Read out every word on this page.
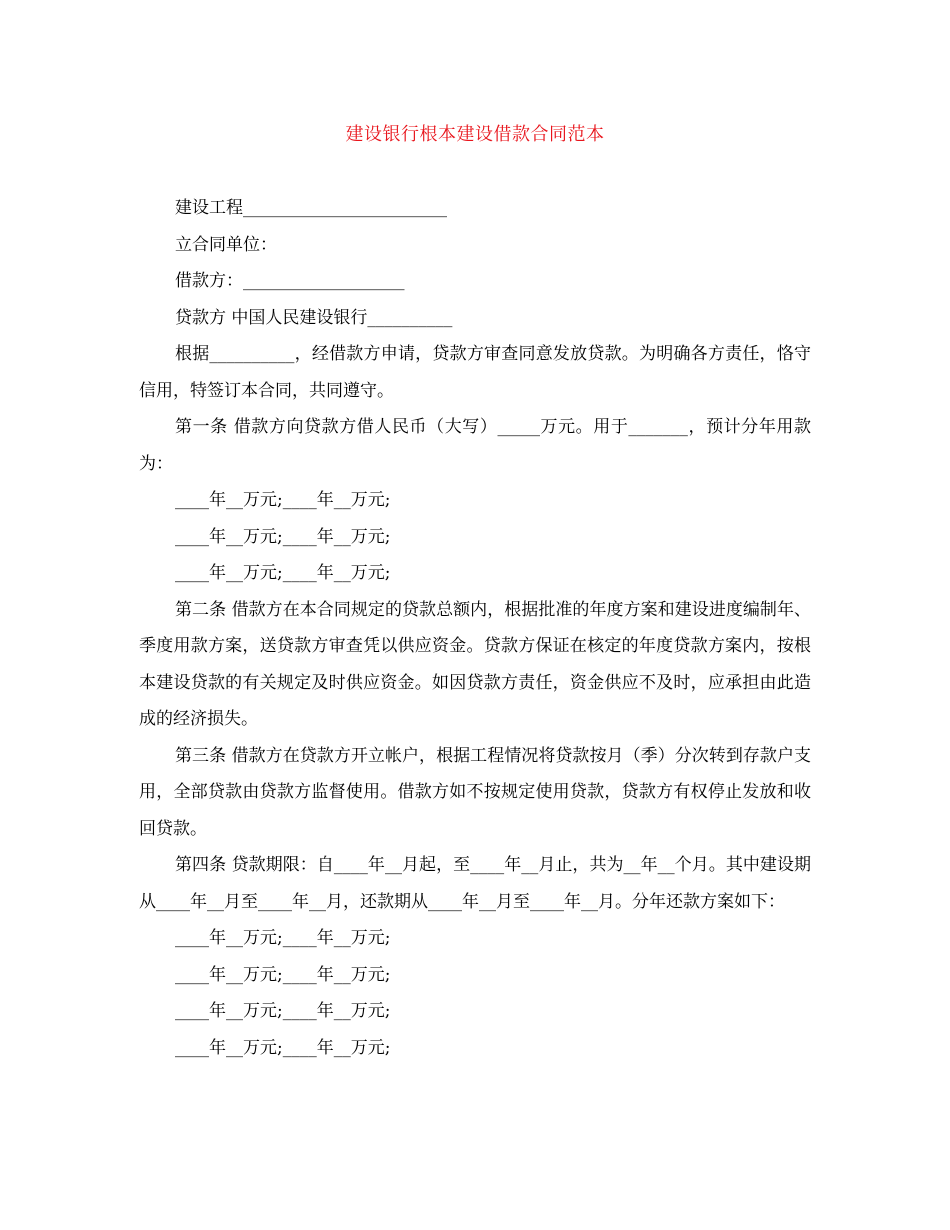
建设银行根本建设借款合同范本

建设工程________________________

立合同单位：

借款方：___________________

贷款方 中国人民建设银行__________

根据__________，经借款方申请，贷款方审查同意发放贷款。为明确各方责任，恪守信用，特签订本合同，共同遵守。

第一条 借款方向贷款方借人民币（大写）_____万元。用于_______，预计分年用款为：

____年__万元;____年__万元;

____年__万元;____年__万元;

____年__万元;____年__万元;

第二条 借款方在本合同规定的贷款总额内，根据批准的年度方案和建设进度编制年、季度用款方案，送贷款方审查凭以供应资金。贷款方保证在核定的年度贷款方案内，按根本建设贷款的有关规定及时供应资金。如因贷款方责任，资金供应不及时，应承担由此造成的经济损失。

第三条 借款方在贷款方开立帐户，根据工程情况将贷款按月（季）分次转到存款户支用，全部贷款由贷款方监督使用。借款方如不按规定使用贷款，贷款方有权停止发放和收回贷款。

第四条 贷款期限：自____年__月起，至____年__月止，共为__年__个月。其中建设期从____年__月至____年__月，还款期从____年__月至____年__月。分年还款方案如下：

____年__万元;____年__万元;

____年__万元;____年__万元;

____年__万元;____年__万元;

____年__万元;____年__万元;
